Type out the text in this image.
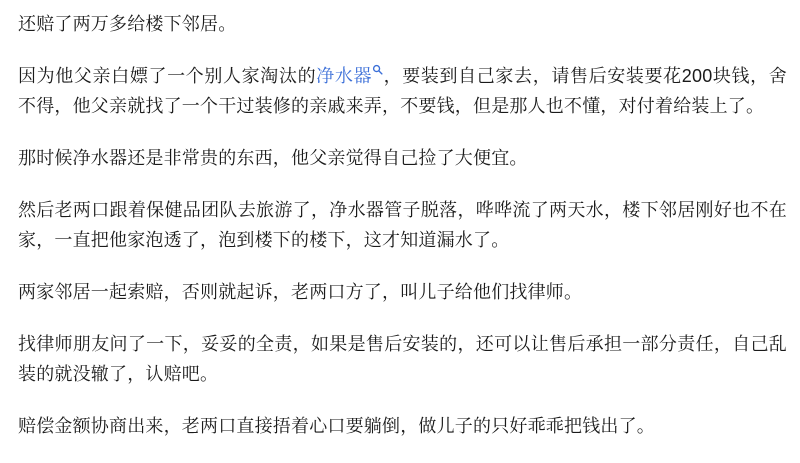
还赔了两万多给楼下邻居。

因为他父亲白嫖了一个别人家淘汰的净水器 ，要装到自己家去，请售后安装要花200块钱，舍不得，他父亲就找了一个干过装修的亲戚来弄，不要钱，但是那人也不懂，对付着给装上了。

那时候净水器还是非常贵的东西，他父亲觉得自己捡了大便宜。

然后老两口跟着保健品团队去旅游了，净水器管子脱落，哗哗流了两天水，楼下邻居刚好也不在家，一直把他家泡透了，泡到楼下的楼下，这才知道漏水了。

两家邻居一起索赔，否则就起诉，老两口方了，叫儿子给他们找律师。

找律师朋友问了一下，妥妥的全责，如果是售后安装的，还可以让售后承担一部分责任，自己乱装的就没辙了，认赔吧。

赔偿金额协商出来，老两口直接捂着心口要躺倒，做儿子的只好乖乖把钱出了。
